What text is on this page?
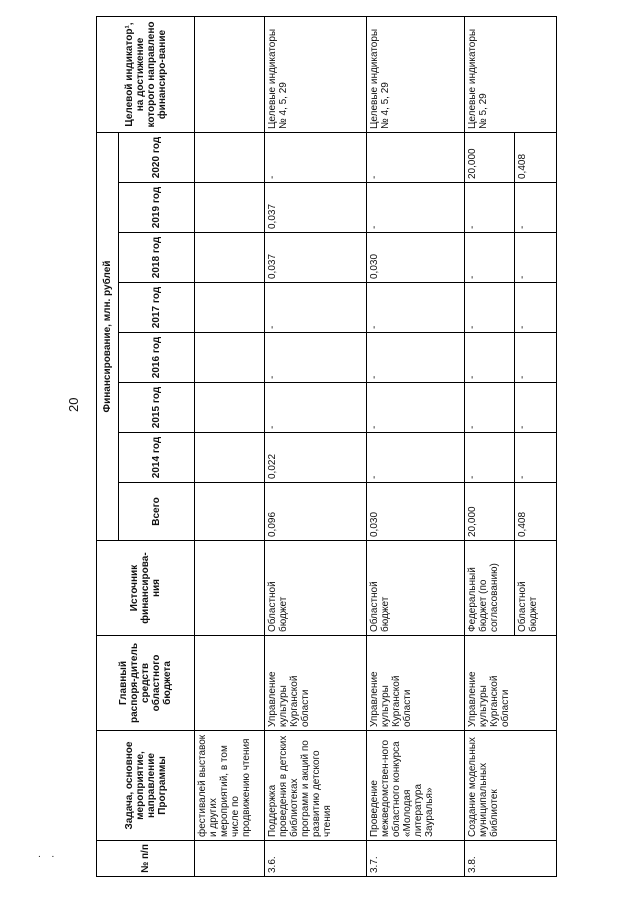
20
. .	№ п/п	Задача, основное мероприятие, направление Программы	Главный распоря-дитель средств областного бюджета	Источник финансирова-ния	Финансирование, млн. рублей								Целевой индикатор¹, на достижение которого направлено финансиро-вание
				Всего	2014 год	2015 год	2016 год	2017 год	2018 год	2019 год	2020 год	
	фестивалей выставок и других мероприятий, в том числе по продвижению чтения											
3.6.	Поддержка проведения в детских библиотеках программ и акций по развитию детского чтения	Управление культуры Курганской области	Областной бюджет	0,096	0,022	-	-	-	0,037	0,037	-	Целевые индикаторы № 4, 5, 29
3.7.	Проведение межведомствен-ного областного конкурса «Молодая литература Зауралья»	Управление культуры Курганской области	Областной бюджет	0,030	-	-	-	-	0,030	-	-	Целевые индикаторы № 4, 5, 29
3.8.	Создание модельных муниципальных библиотек	Управление культуры Курганской области	Федеральный бюджет (по согласованию)	20,000	-	-	-	-	-	-	20,000	Целевые индикаторы № 5, 29
			Областной бюджет	0,408	-	-	-	-	-	-	0,408	
